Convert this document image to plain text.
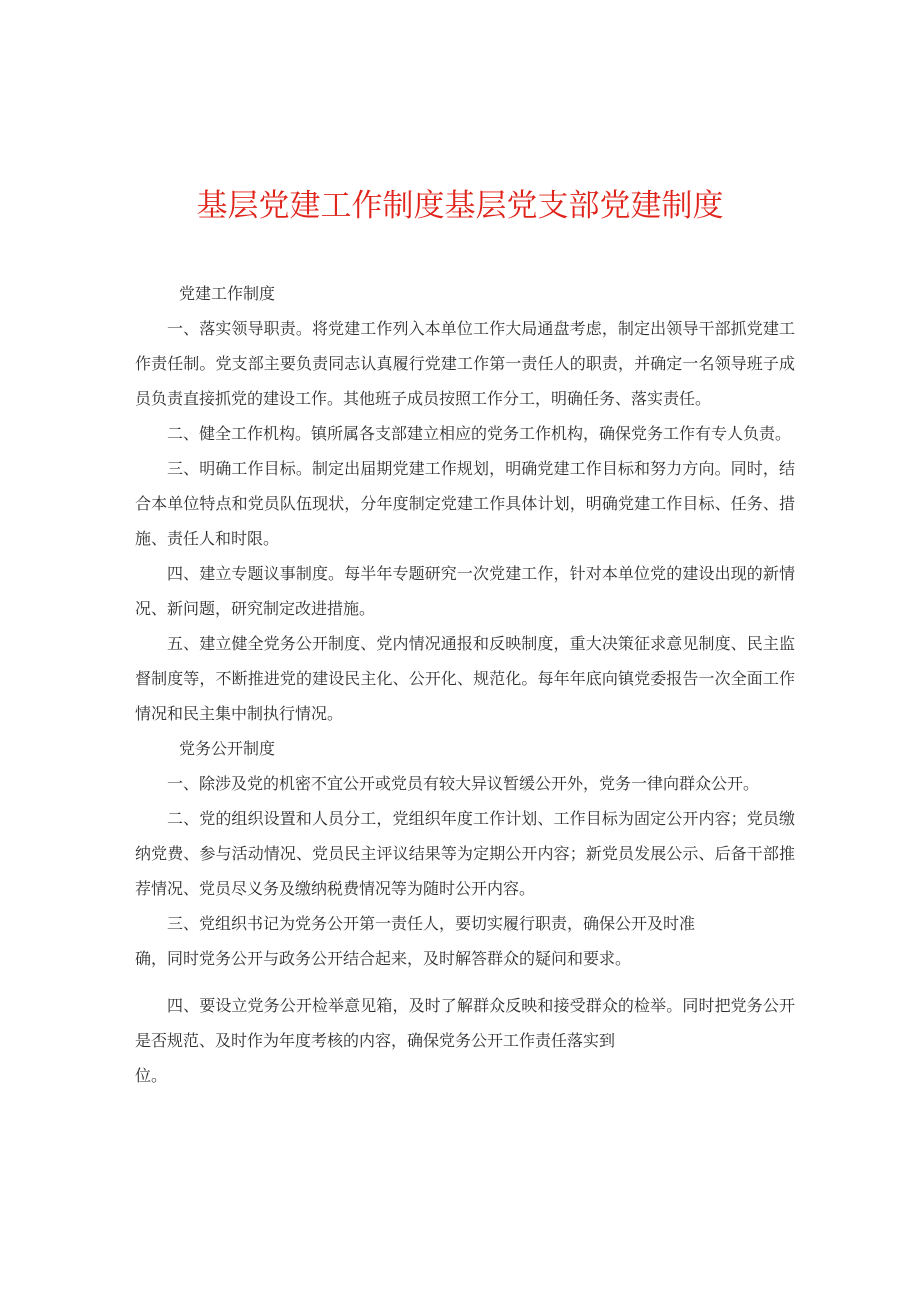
基层党建工作制度基层党支部党建制度

党建工作制度

一、落实领导职责。将党建工作列入本单位工作大局通盘考虑，制定出领导干部抓党建工作责任制。党支部主要负责同志认真履行党建工作第一责任人的职责，并确定一名领导班子成员负责直接抓党的建设工作。其他班子成员按照工作分工，明确任务、落实责任。

二、健全工作机构。镇所属各支部建立相应的党务工作机构，确保党务工作有专人负责。

三、明确工作目标。制定出届期党建工作规划，明确党建工作目标和努力方向。同时，结合本单位特点和党员队伍现状，分年度制定党建工作具体计划，明确党建工作目标、任务、措施、责任人和时限。

四、建立专题议事制度。每半年专题研究一次党建工作，针对本单位党的建设出现的新情况、新问题，研究制定改进措施。

五、建立健全党务公开制度、党内情况通报和反映制度，重大决策征求意见制度、民主监督制度等，不断推进党的建设民主化、公开化、规范化。每年年底向镇党委报告一次全面工作情况和民主集中制执行情况。

党务公开制度

一、除涉及党的机密不宜公开或党员有较大异议暂缓公开外，党务一律向群众公开。

二、党的组织设置和人员分工，党组织年度工作计划、工作目标为固定公开内容；党员缴纳党费、参与活动情况、党员民主评议结果等为定期公开内容；新党员发展公示、后备干部推荐情况、党员尽义务及缴纳税费情况等为随时公开内容。

三、党组织书记为党务公开第一责任人，要切实履行职责，确保公开及时准

确，同时党务公开与政务公开结合起来，及时解答群众的疑问和要求。

四、要设立党务公开检举意见箱，及时了解群众反映和接受群众的检举。同时把党务公开是否规范、及时作为年度考核的内容，确保党务公开工作责任落实到

位。
